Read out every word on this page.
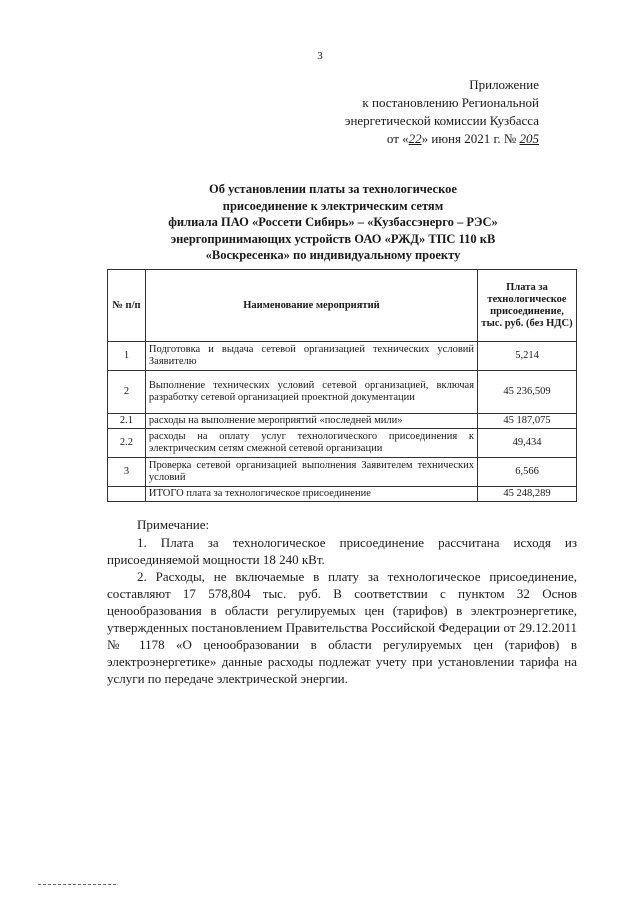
3
Приложение
к постановлению Региональной
энергетической комиссии Кузбасса
от «22» июня 2021 г. № 205
Об установлении платы за технологическое
присоединение к электрическим сетям
филиала ПАО «Россети Сибирь» – «Кузбассэнерго – РЭС»
энергопринимающих устройств ОАО «РЖД» ТПС 110 кВ
«Воскресенка» по индивидуальному проекту
№ п/п	Наименование мероприятий	Плата за технологическое присоединение, тыс. руб. (без НДС)
1	Подготовка и выдача сетевой организацией технических условий Заявителю	5,214
2	Выполнение технических условий сетевой организацией, включая разработку сетевой организацией проектной документации	45 236,509
2.1	расходы на выполнение мероприятий «последней мили»	45 187,075
2.2	расходы на оплату услуг технологического присоединения к электрическим сетям смежной сетевой организации	49,434
3	Проверка сетевой организацией выполнения Заявителем технических условий	6,566
	ИТОГО плата за технологическое присоединение	45 248,289
Примечание:

1. Плата за технологическое присоединение рассчитана исходя из присоединяемой мощности 18 240 кВт.

2. Расходы, не включаемые в плату за технологическое присоединение, составляют 17 578,804 тыс. руб. В соответствии с пунктом 32 Основ ценообразования в области регулируемых цен (тарифов) в электроэнергетике, утвержденных постановлением Правительства Российской Федерации от 29.12.2011 № 1178 «О ценообразовании в области регулируемых цен (тарифов) в электроэнергетике» данные расходы подлежат учету при установлении тарифа на услуги по передаче электрической энергии.
